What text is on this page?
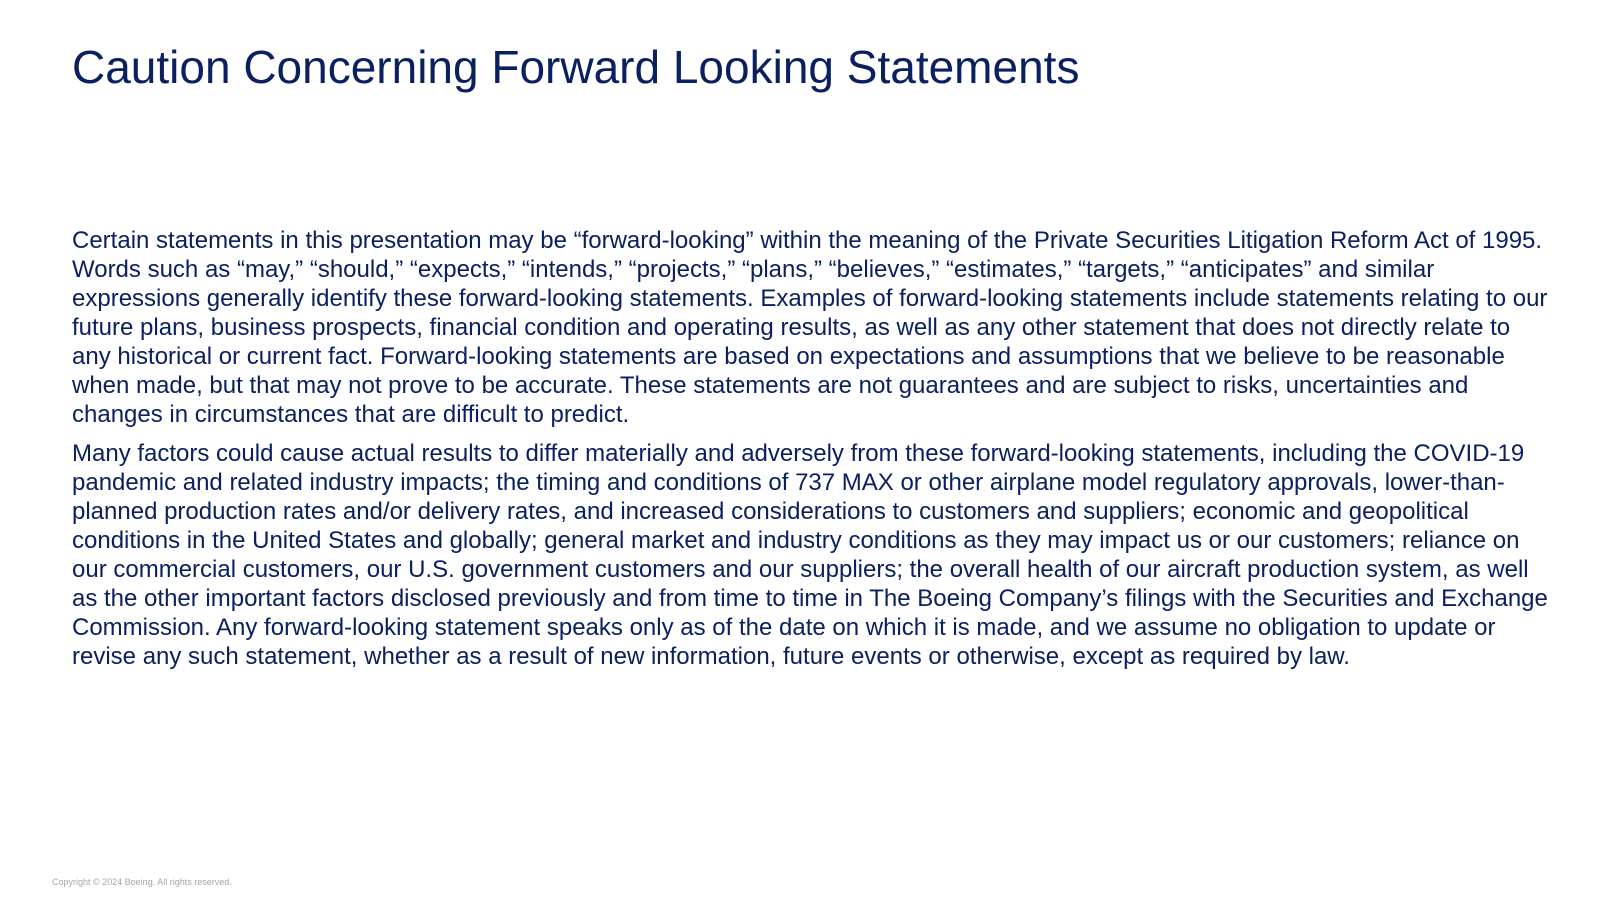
Caution Concerning Forward Looking Statements

Certain statements in this presentation may be “forward-looking” within the meaning of the Private Securities Litigation Reform Act of 1995. Words such as “may,” “should,” “expects,” “intends,” “projects,” “plans,” “believes,” “estimates,” “targets,” “anticipates” and similar expressions generally identify these forward-looking statements. Examples of forward-looking statements include statements relating to our future plans, business prospects, financial condition and operating results, as well as any other statement that does not directly relate to any historical or current fact. Forward-looking statements are based on expectations and assumptions that we believe to be reasonable when made, but that may not prove to be accurate. These statements are not guarantees and are subject to risks, uncertainties and changes in circumstances that are difficult to predict.

Many factors could cause actual results to differ materially and adversely from these forward-looking statements, including the COVID-19 pandemic and related industry impacts; the timing and conditions of 737 MAX or other airplane model regulatory approvals, lower-than-planned production rates and/or delivery rates, and increased considerations to customers and suppliers; economic and geopolitical conditions in the United States and globally; general market and industry conditions as they may impact us or our customers; reliance on our commercial customers, our U.S. government customers and our suppliers; the overall health of our aircraft production system, as well as the other important factors disclosed previously and from time to time in The Boeing Company’s filings with the Securities and Exchange Commission. Any forward-looking statement speaks only as of the date on which it is made, and we assume no obligation to update or revise any such statement, whether as a result of new information, future events or otherwise, except as required by law.

Copyright © 2024 Boeing. All rights reserved.
